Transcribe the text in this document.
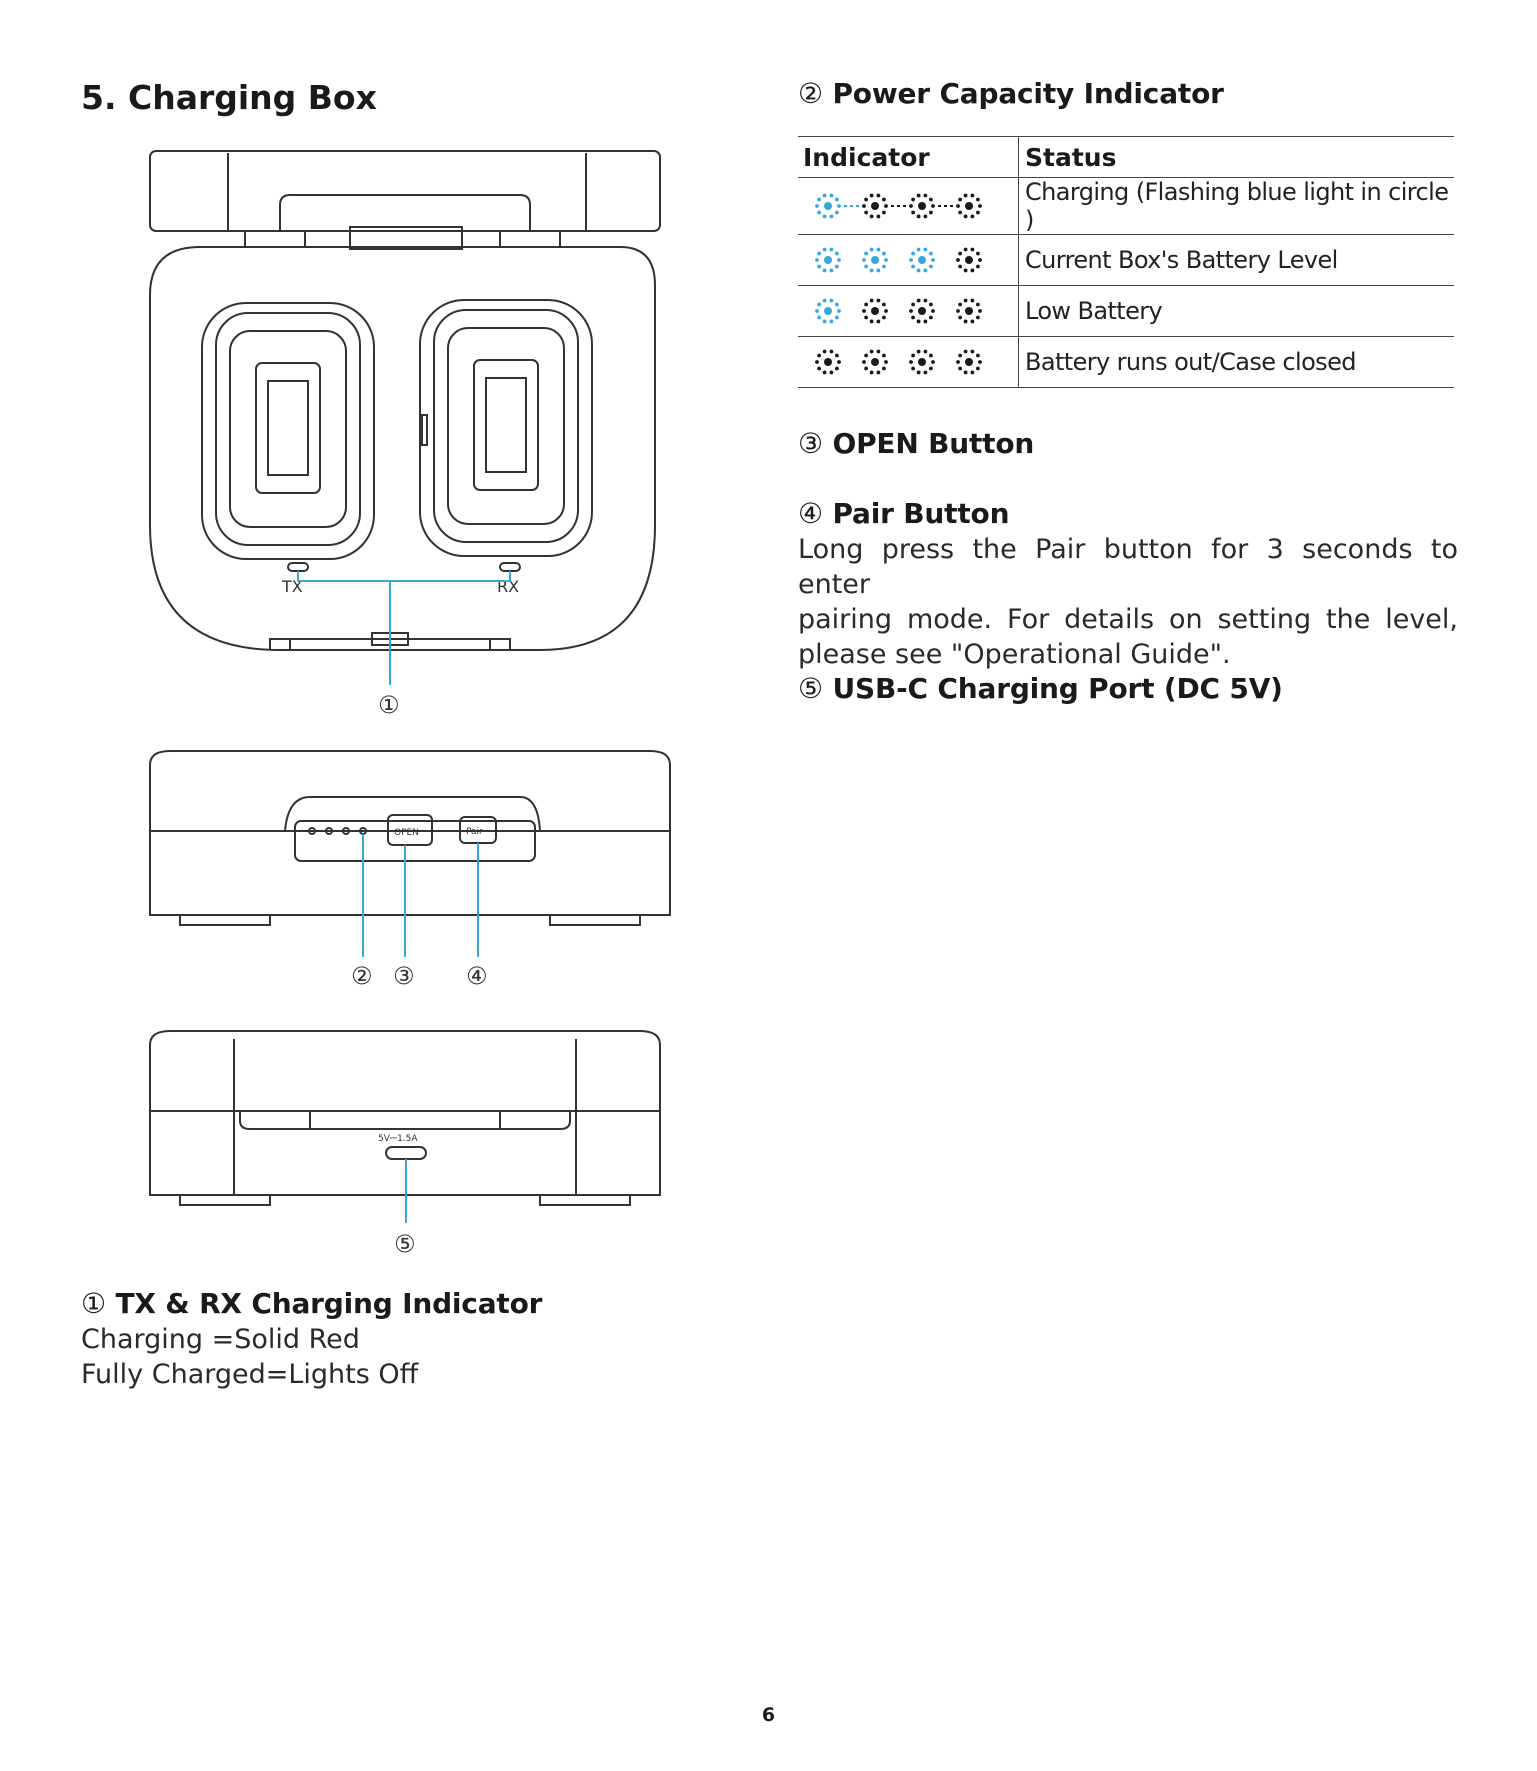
5. Charging Box
TX	RX
①
OPEN	Pair
② ③ ④
5V⎓1.5A
⑤
① TX & RX Charging Indicator
Charging =Solid Red
Fully Charged=Lights Off
② Power Capacity Indicator
Indicator	Status

	Charging (Flashing blue light in circle )

	Current Box's Battery Level

	Low Battery

	Battery runs out/Case closed
③ OPEN Button
④ Pair Button
Long press the Pair button for 3 seconds to enter
pairing mode. For details on setting the level,
please see "Operational Guide".
⑤ USB-C Charging Port (DC 5V)
6
